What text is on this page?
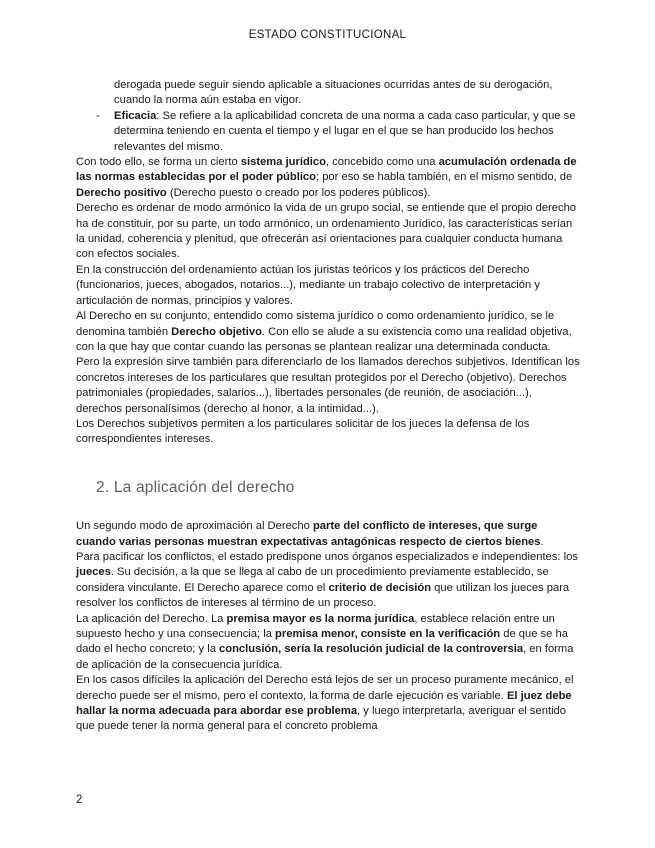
ESTADO CONSTITUCIONAL

derogada puede seguir siendo aplicable a situaciones ocurridas antes de su derogación, cuando la norma aún estaba en vigor.

- Eficacia: Se refiere a la aplicabilidad concreta de una norma a cada caso particular, y que se determina teniendo en cuenta el tiempo y el lugar en el que se han producido los hechos relevantes del mismo.

Con todo ello, se forma un cierto sistema jurídico, concebido como una acumulación ordenada de las normas establecidas por el poder público; por eso se habla también, en el mismo sentido, de Derecho positivo (Derecho puesto o creado por los poderes públicos).

Derecho es ordenar de modo armónico la vida de un grupo social, se entiende que el propio derecho ha de constituir, por su parte, un todo armónico, un ordenamiento Jurídico, las características serían la unidad, coherencia y plenitud, que ofrecerán así orientaciones para cualquier conducta humana con efectos sociales.

En la construcción del ordenamiento actúan los juristas teóricos y los prácticos del Derecho (funcionarios, jueces, abogados, notarios...), mediante un trabajo colectivo de interpretación y articulación de normas, principios y valores.

Al Derecho en su conjunto, entendido como sistema jurídico o como ordenamiento jurídico, se le denomina también Derecho objetivo. Con ello se alude a su existencia como una realidad objetiva, con la que hay que contar cuando las personas se plantean realizar una determinada conducta.

Pero la expresión sirve también para diferenciarlo de los llamados derechos subjetivos. Identifican los concretos intereses de los particulares que resultan protegidos por el Derecho (objetivo). Derechos patrimoniales (propiedades, salarios...), libertades personales (de reunión, de asociación...), derechos personalísimos (derecho al honor, a la intimidad...).

Los Derechos subjetivos permiten a los particulares solicitar de los jueces la defensa de los correspondientes intereses.

2. La aplicación del derecho

Un segundo modo de aproximación al Derecho parte del conflicto de intereses, que surge cuando varias personas muestran expectativas antagónicas respecto de ciertos bienes.

Para pacificar los conflictos, el estado predispone unos órganos especializados e independientes: los jueces. Su decisión, a la que se llega al cabo de un procedimiento previamente establecido, se considera vinculante. El Derecho aparece como el criterio de decisión que utilizan los jueces para resolver los conflictos de intereses al término de un proceso.

La aplicación del Derecho. La premisa mayor es la norma jurídica, establece relación entre un supuesto hecho y una consecuencia; la premisa menor, consiste en la verificación de que se ha dado el hecho concreto; y la conclusión, sería la resolución judicial de la controversia, en forma de aplicación de la consecuencia jurídica.

En los casos difíciles la aplicación del Derecho está lejos de ser un proceso puramente mecánico, el derecho puede ser el mismo, pero el contexto, la forma de darle ejecución es variable. El juez debe hallar la norma adecuada para abordar ese problema, y luego interpretarla, averiguar el sentido que puede tener la norma general para el concreto problema

2
